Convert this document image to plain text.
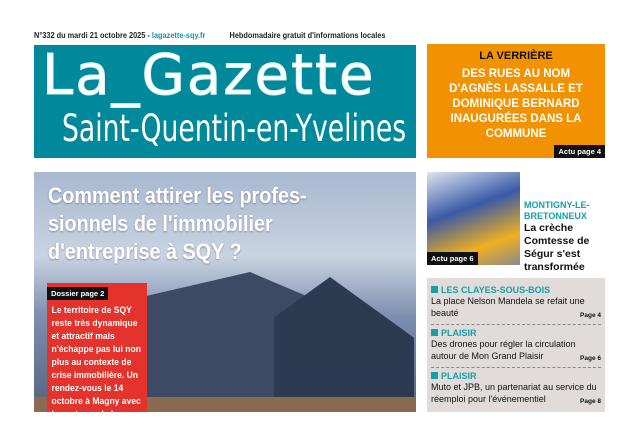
N°332 du mardi 21 octobre 2025 - lagazette-sqy.fr	Hebdomadaire gratuit d'informations locales
La_Gazette
Saint-Quentin-en-Yvelines
LA VERRIÈRE
DES RUES AU NOM D'AGNÈS LASSALLE ET DOMINIQUE BERNARD INAUGURÉES DANS LA COMMUNE
Actu page 4
Comment attirer les profes-
sionnels de l'immobilier
d'entreprise à SQY ?
Dossier page 2

Le territoire de SQY reste très dynamique et attractif mais n'échappe pas lui non plus au contexte de crise immobilière. Un rendez-vous le 14 octobre à Magny avec les acteurs de la filière a été l'occa-

Actu page 6
MONTIGNY-LE-BRETONNEUX
La crèche Comtesse de Ségur s'est transformée
LES CLAYES-SOUS-BOIS
La place Nelson Mandela se refait une beauté	Page 4
PLAISIR
Des drones pour régler la circulation autour de Mon Grand Plaisir	Page 6
PLAISIR
Muto et JPB, un partenariat au service du réemploi pour l'événementiel	Page 8
